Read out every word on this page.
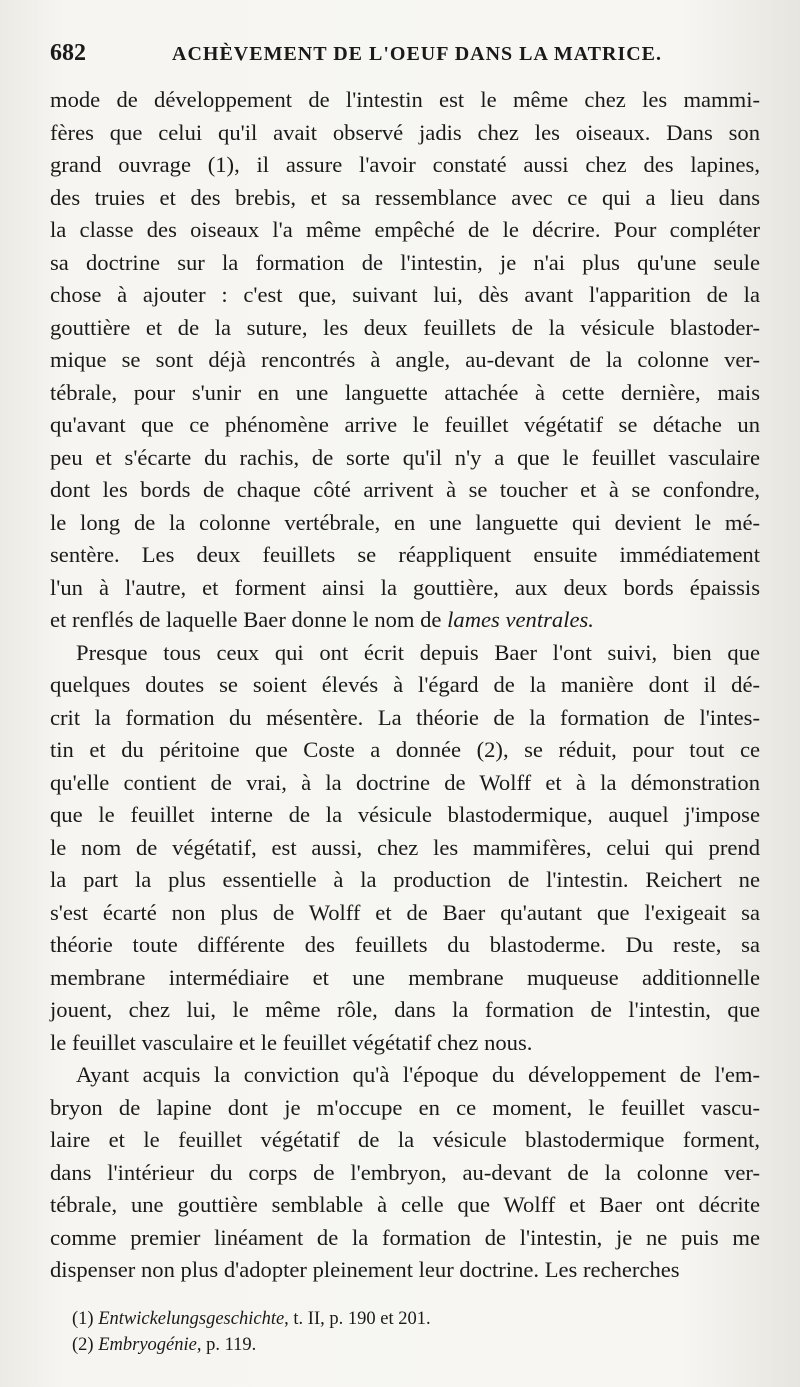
682	ACHÈVEMENT DE L'OEUF DANS LA MATRICE.
mode de développement de l'intestin est le même chez les mammi-
fères que celui qu'il avait observé jadis chez les oiseaux. Dans son
grand ouvrage (1), il assure l'avoir constaté aussi chez des lapines,
des truies et des brebis, et sa ressemblance avec ce qui a lieu dans
la classe des oiseaux l'a même empêché de le décrire. Pour compléter
sa doctrine sur la formation de l'intestin, je n'ai plus qu'une seule
chose à ajouter : c'est que, suivant lui, dès avant l'apparition de la
gouttière et de la suture, les deux feuillets de la vésicule blastoder-
mique se sont déjà rencontrés à angle, au-devant de la colonne ver-
tébrale, pour s'unir en une languette attachée à cette dernière, mais
qu'avant que ce phénomène arrive le feuillet végétatif se détache un
peu et s'écarte du rachis, de sorte qu'il n'y a que le feuillet vasculaire
dont les bords de chaque côté arrivent à se toucher et à se confondre,
le long de la colonne vertébrale, en une languette qui devient le mé-
sentère. Les deux feuillets se réappliquent ensuite immédiatement
l'un à l'autre, et forment ainsi la gouttière, aux deux bords épaissis
et renflés de laquelle Baer donne le nom de lames ventrales.
Presque tous ceux qui ont écrit depuis Baer l'ont suivi, bien que
quelques doutes se soient élevés à l'égard de la manière dont il dé-
crit la formation du mésentère. La théorie de la formation de l'intes-
tin et du péritoine que Coste a donnée (2), se réduit, pour tout ce
qu'elle contient de vrai, à la doctrine de Wolff et à la démonstration
que le feuillet interne de la vésicule blastodermique, auquel j'impose
le nom de végétatif, est aussi, chez les mammifères, celui qui prend
la part la plus essentielle à la production de l'intestin. Reichert ne
s'est écarté non plus de Wolff et de Baer qu'autant que l'exigeait sa
théorie toute différente des feuillets du blastoderme. Du reste, sa
membrane intermédiaire et une membrane muqueuse additionnelle
jouent, chez lui, le même rôle, dans la formation de l'intestin, que
le feuillet vasculaire et le feuillet végétatif chez nous.
Ayant acquis la conviction qu'à l'époque du développement de l'em-
bryon de lapine dont je m'occupe en ce moment, le feuillet vascu-
laire et le feuillet végétatif de la vésicule blastodermique forment,
dans l'intérieur du corps de l'embryon, au-devant de la colonne ver-
tébrale, une gouttière semblable à celle que Wolff et Baer ont décrite
comme premier linéament de la formation de l'intestin, je ne puis me
dispenser non plus d'adopter pleinement leur doctrine. Les recherches
(1) Entwickelungsgeschichte, t. II, p. 190 et 201.
(2) Embryogénie, p. 119.
